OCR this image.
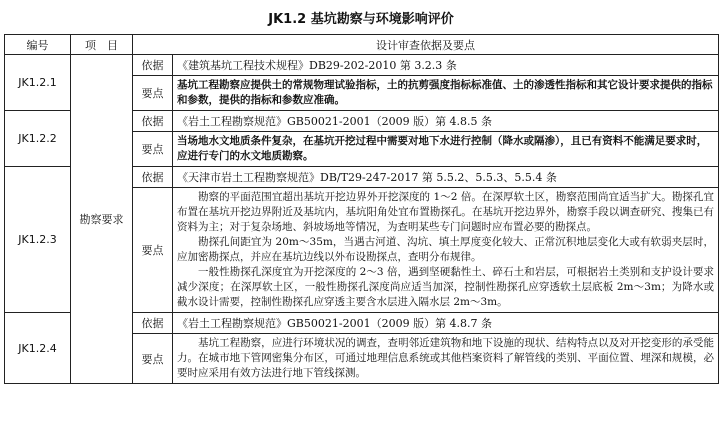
JK1.2 基坑勘察与环境影响评价
编号	项　目	设计审查依据及要点	
JK1.2.1	勘察要求	依据	《建筑基坑工程技术规程》DB29-202-2010 第 3.2.3 条
		要点	基坑工程勘察应提供土的常规物理试验指标，土的抗剪强度指标标准值、土的渗透性指标和其它设计要求提供的指标和参数，提供的指标和参数应准确。
JK1.2.2		依据	《岩土工程勘察规范》GB50021-2001（2009 版）第 4.8.5 条
		要点	当场地水文地质条件复杂，在基坑开挖过程中需要对地下水进行控制（降水或隔渗），且已有资料不能满足要求时，应进行专门的水文地质勘察。
JK1.2.3		依据	《天津市岩土工程勘察规范》DB/T29-247-2017 第 5.5.2、5.5.3、5.5.4 条
		要点	勘察的平面范围宜超出基坑开挖边界外开挖深度的 1～2 倍。在深厚软土区，勘察范围尚宜适当扩大。勘探孔宜布置在基坑开挖边界附近及基坑内，基坑阳角处宜布置勘探孔。在基坑开挖边界外，勘察手段以调查研究、搜集已有资料为主；对于复杂场地、斜坡场地等情况，为查明某些专门问题时应布置必要的勘探点。

勘探孔间距宜为 20m～35m，当遇古河道、沟坑、填土厚度变化较大、正常沉积地层变化大或有软弱夹层时，应加密勘探点，并应在基坑边线以外布设勘探点，查明分布规律。

一般性勘探孔深度宜为开挖深度的 2～3 倍，遇到坚硬黏性土、碎石土和岩层，可根据岩土类别和支护设计要求减少深度；在深厚软土区，一般性勘探孔深度尚应适当加深，控制性勘探孔应穿透软土层底板 2m～3m；为降水或截水设计需要，控制性勘探孔应穿透主要含水层进入隔水层 2m～3m。

JK1.2.4		依据	《岩土工程勘察规范》GB50021-2001（2009 版）第 4.8.7 条
		要点	基坑工程勘察，应进行环境状况的调查，查明邻近建筑物和地下设施的现状、结构特点以及对开挖变形的承受能力。在城市地下管网密集分布区，可通过地理信息系统或其他档案资料了解管线的类别、平面位置、埋深和规模，必要时应采用有效方法进行地下管线探测。
